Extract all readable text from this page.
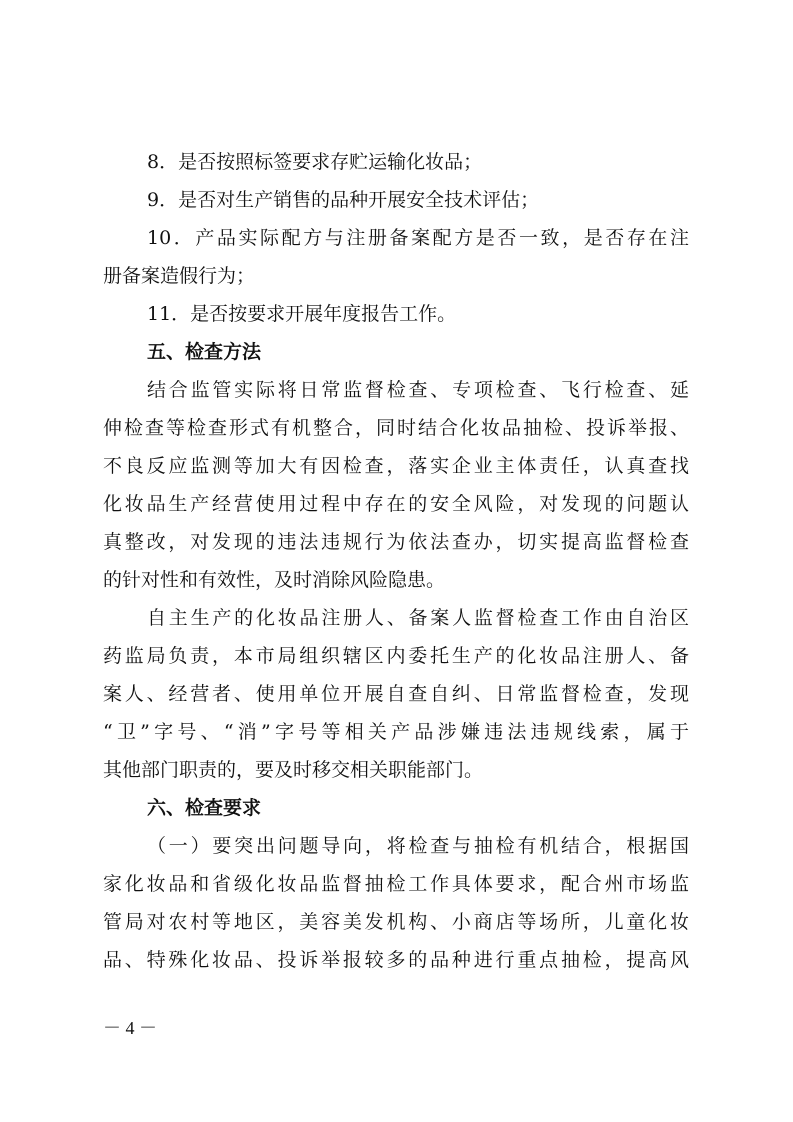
8．是否按照标签要求存贮运输化妆品；
9．是否对生产销售的品种开展安全技术评估；
10．产品实际配方与注册备案配方是否一致，是否存在注
册备案造假行为；
11．是否按要求开展年度报告工作。
五、检查方法
结合监管实际将日常监督检查、专项检查、飞行检查、延
伸检查等检查形式有机整合，同时结合化妆品抽检、投诉举报、
不良反应监测等加大有因检查，落实企业主体责任，认真查找
化妆品生产经营使用过程中存在的安全风险，对发现的问题认
真整改，对发现的违法违规行为依法查办，切实提高监督检查
的针对性和有效性，及时消除风险隐患。
自主生产的化妆品注册人、备案人监督检查工作由自治区
药监局负责，本市局组织辖区内委托生产的化妆品注册人、备
案人、经营者、使用单位开展自查自纠、日常监督检查，发现
“卫”字号、“消”字号等相关产品涉嫌违法违规线索，属于
其他部门职责的，要及时移交相关职能部门。
六、检查要求
（一）要突出问题导向，将检查与抽检有机结合，根据国
家化妆品和省级化妆品监督抽检工作具体要求，配合州市场监
管局对农村等地区，美容美发机构、小商店等场所，儿童化妆
品、特殊化妆品、投诉举报较多的品种进行重点抽检，提高风
－ 4 －
